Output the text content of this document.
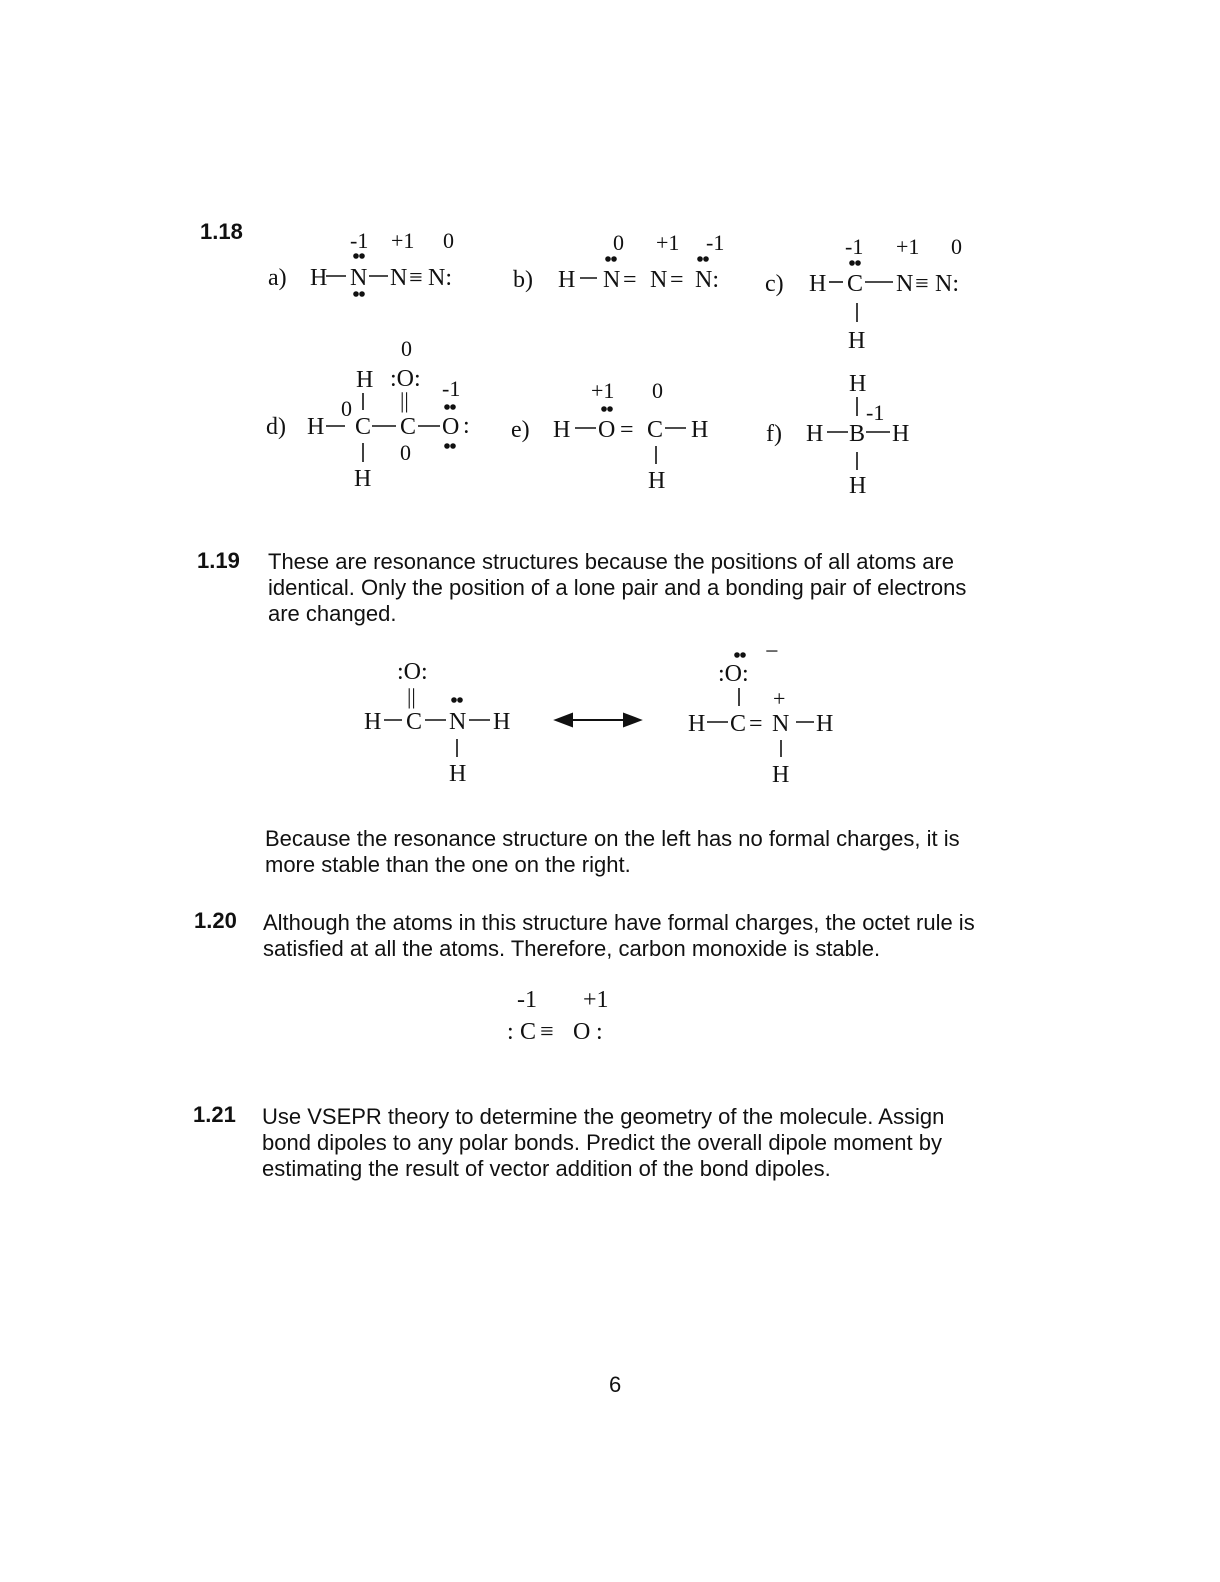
1.18	-1 +1 0
a) H N N ≡ N:
0 +1 -1
b) H N = N = N:
-1 +1 0
c) H C N ≡ N:
H
0
H :O: -1
0 ||
d) H C C O :
0
H
+1 0
e) H O = C H
H
H
-1
f) H B H
H
1.19 These are resonance structures because the positions of all atoms are
identical. Only the position of a lone pair and a bonding pair of electrons
are changed.
:O:
||
H C N H
H
−
:O:
+
H C = N H
H
Because the resonance structure on the left has no formal charges, it is
more stable than the one on the right.
1.20 Although the atoms in this structure have formal charges, the octet rule is
satisfied at all the atoms. Therefore, carbon monoxide is stable.
-1 +1
: C ≡ O :
1.21 Use VSEPR theory to determine the geometry of the molecule. Assign
bond dipoles to any polar bonds. Predict the overall dipole moment by
estimating the result of vector addition of the bond dipoles.
6
